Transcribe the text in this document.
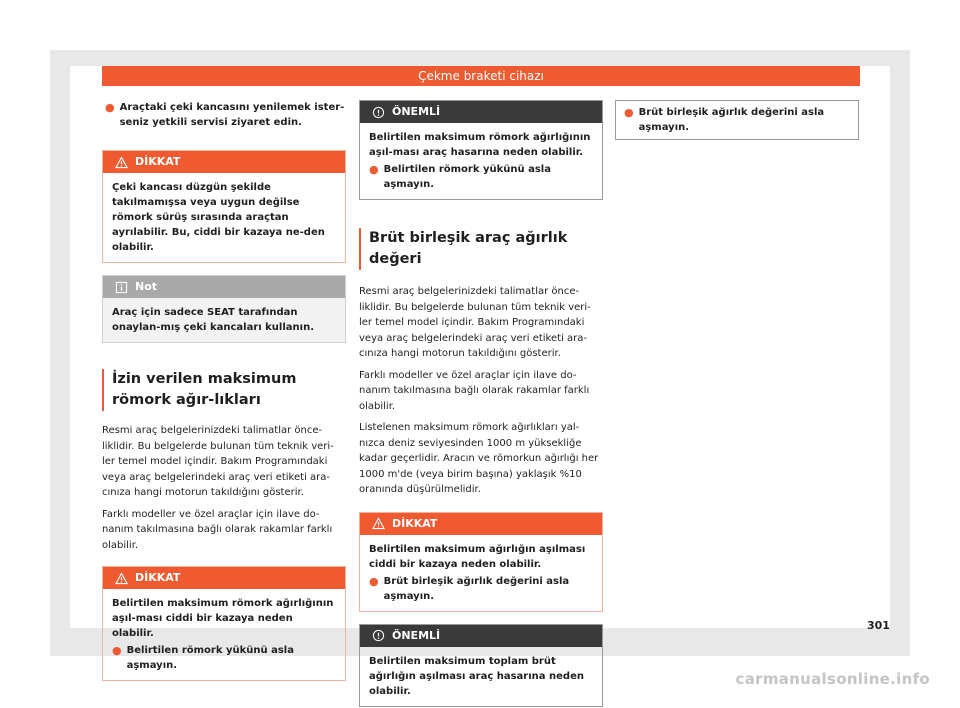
Çekme braketi cihazı
● Araçtaki çeki kancasını yenilemek ister-
seniz yetkili servisi ziyaret edin.
DİKKAT

Çeki kancası düzgün şekilde takılmamışsa veya uygun değilse römork sürüş sırasında araçtan ayrılabilir. Bu, ciddi bir kazaya ne-den olabilir.

Not

Araç için sadece SEAT tarafından onaylan-mış çeki kancaları kullanın.

İzin verilen maksimum römork ağır-lıkları

Resmi araç belgelerinizdeki talimatlar önce-liklidir. Bu belgelerde bulunan tüm teknik veri-ler temel model içindir. Bakım Programındaki veya araç belgelerindeki araç veri etiketi ara-cınıza hangi motorun takıldığını gösterir.

Farklı modeller ve özel araçlar için ilave do-nanım takılmasına bağlı olarak rakamlar farklı olabilir.

DİKKAT

Belirtilen maksimum römork ağırlığının aşıl-ması ciddi bir kazaya neden olabilir.

● Belirtilen römork yükünü asla aşmayın.
ÖNEMLİ

Belirtilen maksimum römork ağırlığının aşıl-ması araç hasarına neden olabilir.

● Belirtilen römork yükünü asla aşmayın.
Brüt birleşik araç ağırlık değeri

Resmi araç belgelerinizdeki talimatlar önce-liklidir. Bu belgelerde bulunan tüm teknik veri-ler temel model içindir. Bakım Programındaki veya araç belgelerindeki araç veri etiketi ara-cınıza hangi motorun takıldığını gösterir.

Farklı modeller ve özel araçlar için ilave do-nanım takılmasına bağlı olarak rakamlar farklı olabilir.

Listelenen maksimum römork ağırlıkları yal-nızca deniz seviyesinden 1000 m yüksekliğe kadar geçerlidir. Aracın ve römorkun ağırlığı her 1000 m'de (veya birim başına) yaklaşık %10 oranında düşürülmelidir.

DİKKAT

Belirtilen maksimum ağırlığın aşılması ciddi bir kazaya neden olabilir.

● Brüt birleşik ağırlık değerini asla aşmayın.
ÖNEMLİ

Belirtilen maksimum toplam brüt ağırlığın aşılması araç hasarına neden olabilir.

● Brüt birleşik ağırlık değerini asla aşmayın.
301
carmanualsonline.info
